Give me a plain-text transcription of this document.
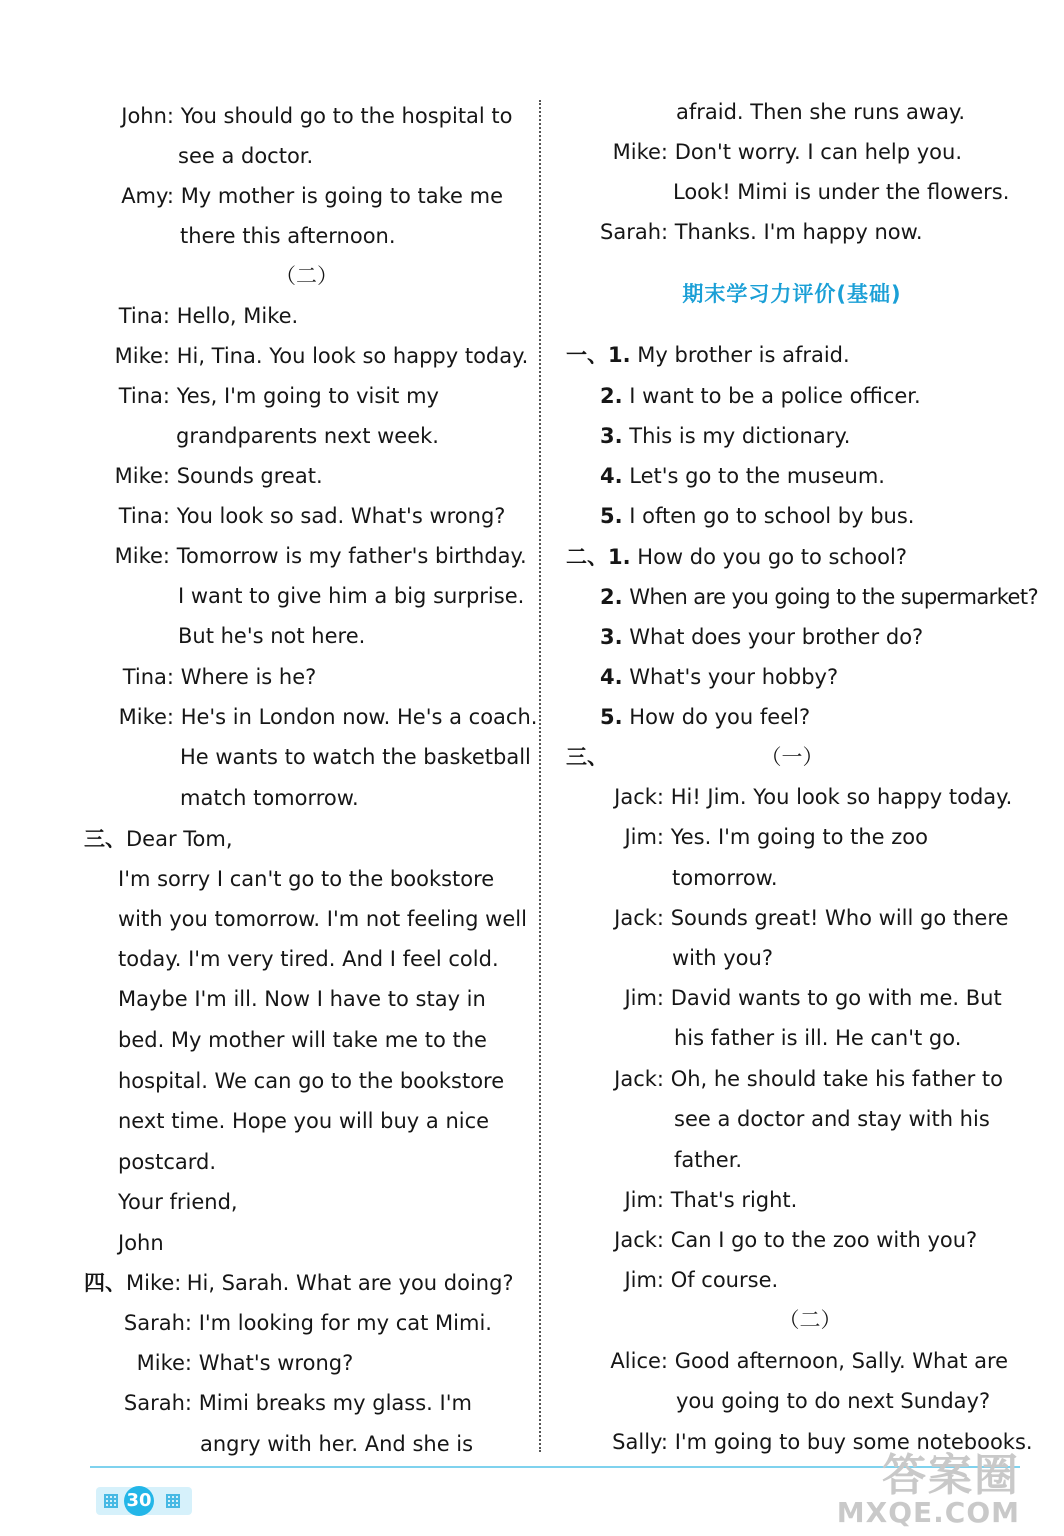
John: You should go to the hospital to
see a doctor.
Amy: My mother is going to take me
there this afternoon.
（二）
Tina: Hello, Mike.
Mike: Hi, Tina. You look so happy today.
Tina: Yes, I'm going to visit my
grandparents next week.
Mike: Sounds great.
Tina: You look so sad. What's wrong?
Mike: Tomorrow is my father's birthday.
I want to give him a big surprise.
But he's not here.
Tina: Where is he?
Mike: He's in London now. He's a coach.
He wants to watch the basketball
match tomorrow.
三、Dear Tom,
I'm sorry I can't go to the bookstore
with you tomorrow. I'm not feeling well
today. I'm very tired. And I feel cold.
Maybe I'm ill. Now I have to stay in
bed. My mother will take me to the
hospital. We can go to the bookstore
next time. Hope you will buy a nice
postcard.
Your friend,
John
四、Mike: Hi, Sarah. What are you doing?
Sarah: I'm looking for my cat Mimi.
Mike: What's wrong?
Sarah: Mimi breaks my glass. I'm
angry with her. And she is
afraid. Then she runs away.
Mike: Don't worry. I can help you.
Look! Mimi is under the flowers.
Sarah: Thanks. I'm happy now.
期末学习力评价(基础)
一、1. My brother is afraid.
2. I want to be a police officer.
3. This is my dictionary.
4. Let's go to the museum.
5. I often go to school by bus.
二、1. How do you go to school?
2. When are you going to the supermarket?
3. What does your brother do?
4. What's your hobby?
5. How do you feel?
三、	（一）
Jack: Hi! Jim. You look so happy today.
Jim: Yes. I'm going to the zoo
tomorrow.
Jack: Sounds great! Who will go there
with you?
Jim: David wants to go with me. But
his father is ill. He can't go.
Jack: Oh, he should take his father to
see a doctor and stay with his
father.
Jim: That's right.
Jack: Can I go to the zoo with you?
Jim: Of course.
（二）
Alice: Good afternoon, Sally. What are
you going to do next Sunday?
Sally: I'm going to buy some notebooks.
30	答案圈
MXQE.COM
